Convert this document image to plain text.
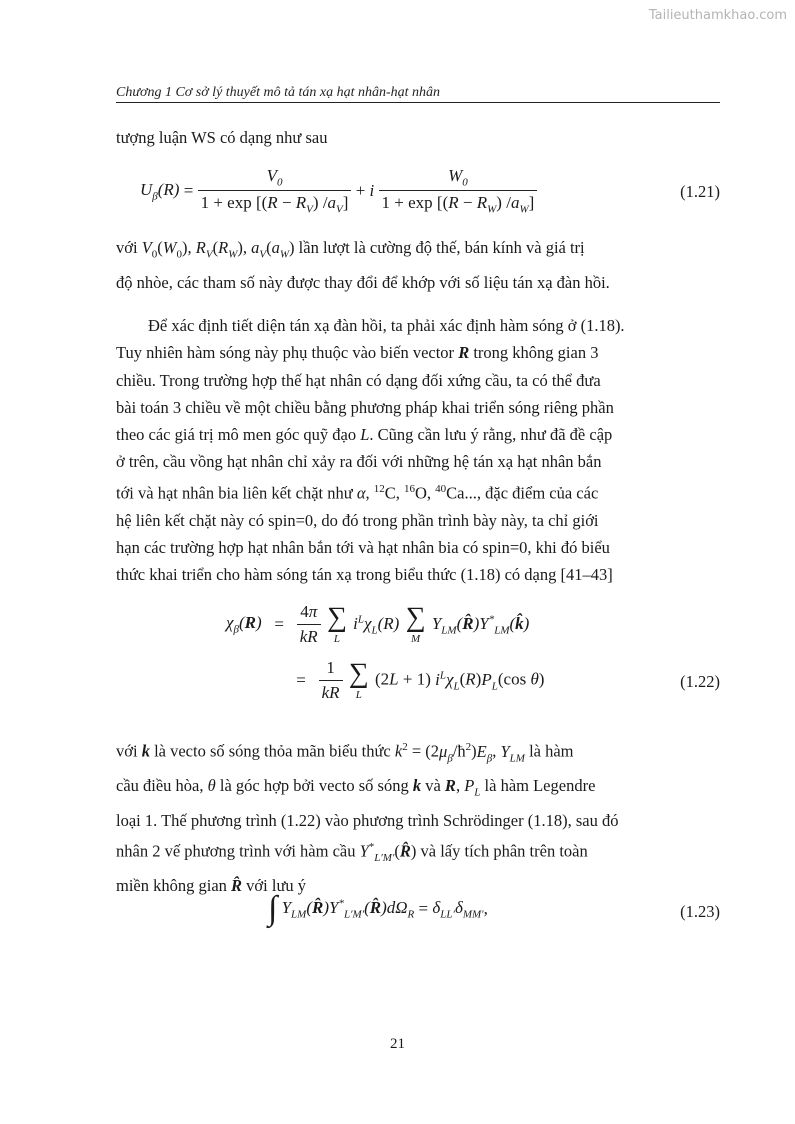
Tailieuthamkhao.com
Chương 1 Cơ sở lý thuyết mô tả tán xạ hạt nhân-hạt nhân
tượng luận WS có dạng như sau
$U_\beta(R) = \frac{V_0}{1 + \exp [(R - R_V) /a_V]} + i \frac{W_0}{1 + \exp [(R - R_W) /a_W]}$	(1.21)
với $V_0(W_0)$, $R_V(R_W)$, $a_V(a_W)$ lần lượt là cường độ thế, bán kính và giá trị
độ nhòe, các tham số này được thay đổi để khớp với số liệu tán xạ đàn hồi.
Để xác định tiết diện tán xạ đàn hồi, ta phải xác định hàm sóng ở (1.18).
Tuy nhiên hàm sóng này phụ thuộc vào biến vector R trong không gian 3
chiều. Trong trường hợp thế hạt nhân có dạng đối xứng cầu, ta có thể đưa
bài toán 3 chiều về một chiều bằng phương pháp khai triển sóng riêng phần
theo các giá trị mô men góc quỹ đạo L. Cũng cần lưu ý rằng, như đã đề cập
ở trên, cầu vồng hạt nhân chỉ xảy ra đối với những hệ tán xạ hạt nhân bắn
tới và hạt nhân bia liên kết chặt như α, $^{12}$C, $^{16}$O, $^{40}$Ca..., đặc điểm của các
hệ liên kết chặt này có spin=0, do đó trong phần trình bày này, ta chỉ giới
hạn các trường hợp hạt nhân bắn tới và hạt nhân bia có spin=0, khi đó biểu
thức khai triển cho hàm sóng tán xạ trong biểu thức (1.18) có dạng [41–43]
$\chi_\beta(R) = \frac{4\pi}{kR}$
∑
L
$i^L\chi_L(R)$ ∑
M
$Y_{LM}(R̂)Y^*_{LM}(k̂)$
= $\frac{1}{kR}$
∑
L
(2L + 1) $i^L\chi_L(R)P_L(\cos$ θ)	(1.22)
với k là vecto số sóng thỏa mãn biểu thức $k^2$ = $(2\mu_\beta/ħ^2)E_\beta$, $Y_{LM}$ là hàm
cầu điều hòa, θ là góc hợp bởi vecto số sóng k và R, $P_L$ là hàm Legendre
loại 1. Thế phương trình (1.22) vào phương trình Schrödinger (1.18), sau đó
nhân 2 vế phương trình với hàm cầu $Y^*_{L'M'}(R̂)$ và lấy tích phân trên toàn
miền không gian R̂ với lưu ý
∫ $Y_{LM}(R̂)Y^*_{L'M'}(R̂)d\Omega_R = \delta_{LL'}\delta_{MM'}$,	(1.23)
21
